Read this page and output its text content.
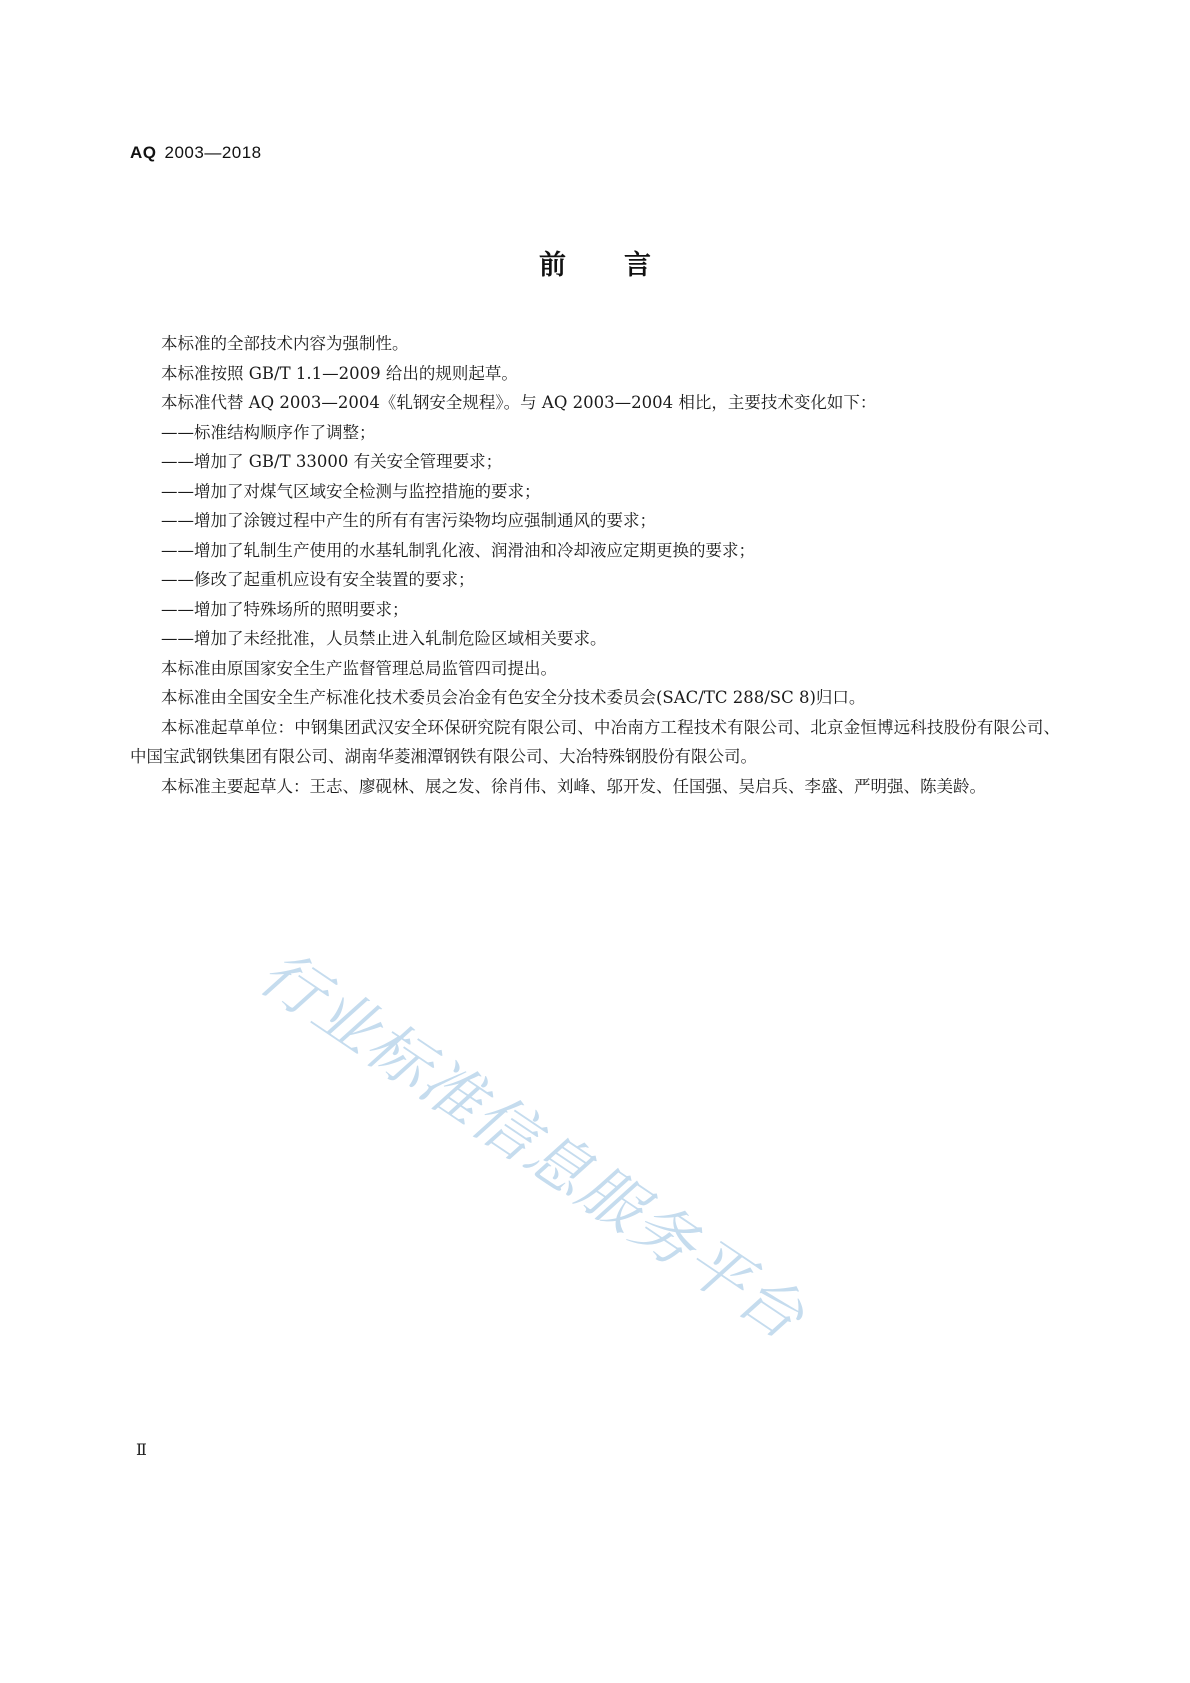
AQ 2003—2018
前言

本标准的全部技术内容为强制性。

本标准按照 GB/T 1.1—2009 给出的规则起草。

本标准代替 AQ 2003—2004《轧钢安全规程》。与 AQ 2003—2004 相比，主要技术变化如下：

——标准结构顺序作了调整；

——增加了 GB/T 33000 有关安全管理要求；

——增加了对煤气区域安全检测与监控措施的要求；

——增加了涂镀过程中产生的所有有害污染物均应强制通风的要求；

——增加了轧制生产使用的水基轧制乳化液、润滑油和冷却液应定期更换的要求；

——修改了起重机应设有安全装置的要求；

——增加了特殊场所的照明要求；

——增加了未经批准，人员禁止进入轧制危险区域相关要求。

本标准由原国家安全生产监督管理总局监管四司提出。

本标准由全国安全生产标准化技术委员会冶金有色安全分技术委员会(SAC/TC 288/SC 8)归口。

本标准起草单位：中钢集团武汉安全环保研究院有限公司、中冶南方工程技术有限公司、北京金恒博远科技股份有限公司、中国宝武钢铁集团有限公司、湖南华菱湘潭钢铁有限公司、大冶特殊钢股份有限公司。

本标准主要起草人：王志、廖砚林、展之发、徐肖伟、刘峰、邬开发、任国强、吴启兵、李盛、严明强、陈美龄。

行业标准信息服务平台
Ⅱ
